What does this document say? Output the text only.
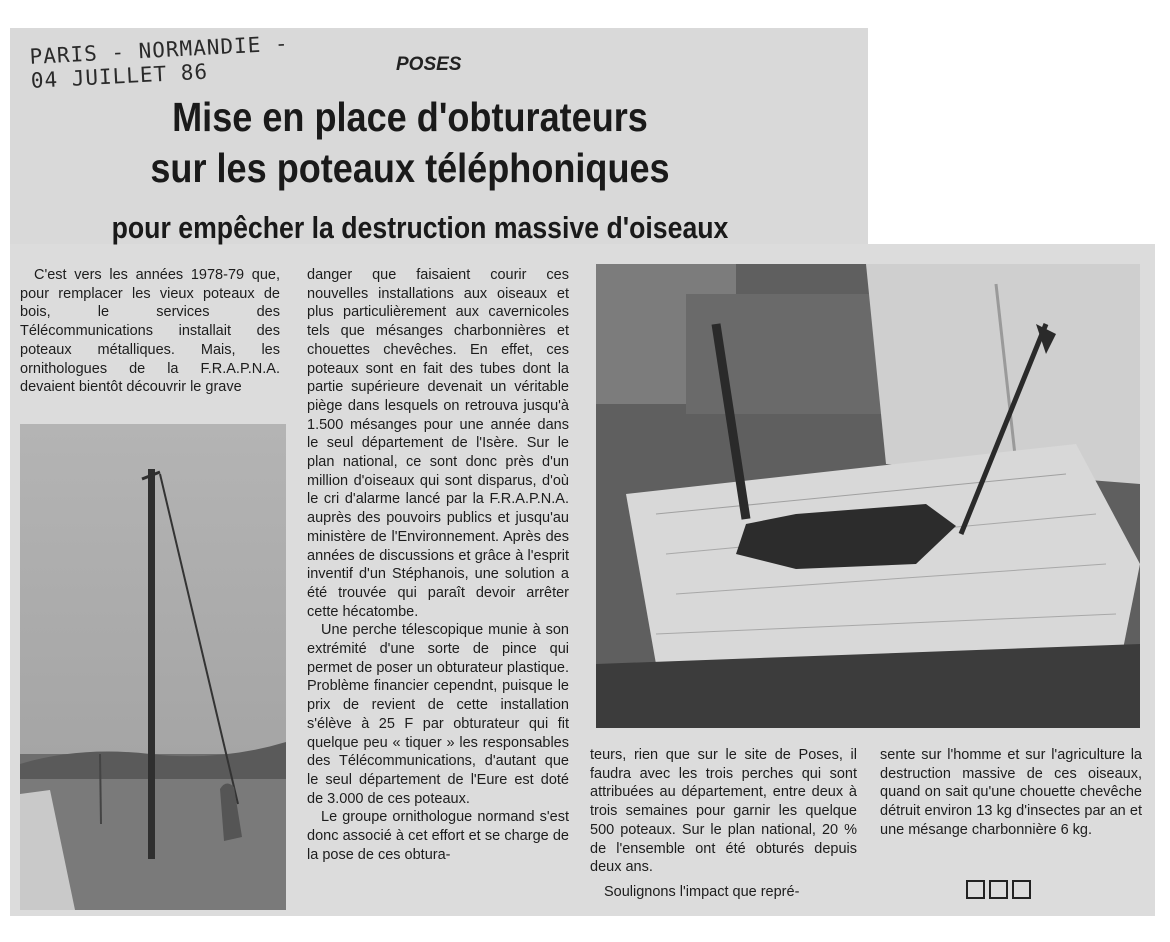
PARIS - NORMANDIE -
04 JUILLET 86	POSES
Mise en place d'obturateurs
sur les poteaux téléphoniques
pour empêcher la destruction massive d'oiseaux

C'est vers les années 1978-79 que, pour remplacer les vieux poteaux de bois, le services des Télécommunications installait des poteaux métalliques. Mais, les ornithologues de la F.R.A.P.N.A. devaient bientôt découvrir le grave

danger que faisaient courir ces nouvelles installations aux oiseaux et plus particulièrement aux cavernicoles tels que mésanges charbonnières et chouettes chevêches. En effet, ces poteaux sont en fait des tubes dont la partie supérieure devenait un véritable piège dans lesquels on retrouva jusqu'à 1.500 mésanges pour une année dans le seul département de l'Isère. Sur le plan national, ce sont donc près d'un million d'oiseaux qui sont disparus, d'où le cri d'alarme lancé par la F.R.A.P.N.A. auprès des pouvoirs publics et jusqu'au ministère de l'Environnement. Après des années de discussions et grâce à l'esprit inventif d'un Stéphanois, une solution a été trouvée qui paraît devoir arrêter cette hécatombe.

Une perche télescopique munie à son extrémité d'une sorte de pince qui permet de poser un obturateur plastique. Problème financier cependnt, puisque le prix de revient de cette installation s'élève à 25 F par obturateur qui fit quelque peu « tiquer » les responsables des Télécommunications, d'autant que le seul département de l'Eure est doté de 3.000 de ces poteaux.

Le groupe ornithologue normand s'est donc associé à cet effort et se charge de la pose de ces obtura-

teurs, rien que sur le site de Poses, il faudra avec les trois perches qui sont attribuées au département, entre deux à trois semaines pour garnir les quelque 500 poteaux. Sur le plan national, 20 % de l'ensemble ont été obturés depuis deux ans.

Soulignons l'impact que repré-

sente sur l'homme et sur l'agriculture la destruction massive de ces oiseaux, quand on sait qu'une chouette chevêche détruit environ 13 kg d'insectes par an et une mésange charbonnière 6 kg.
